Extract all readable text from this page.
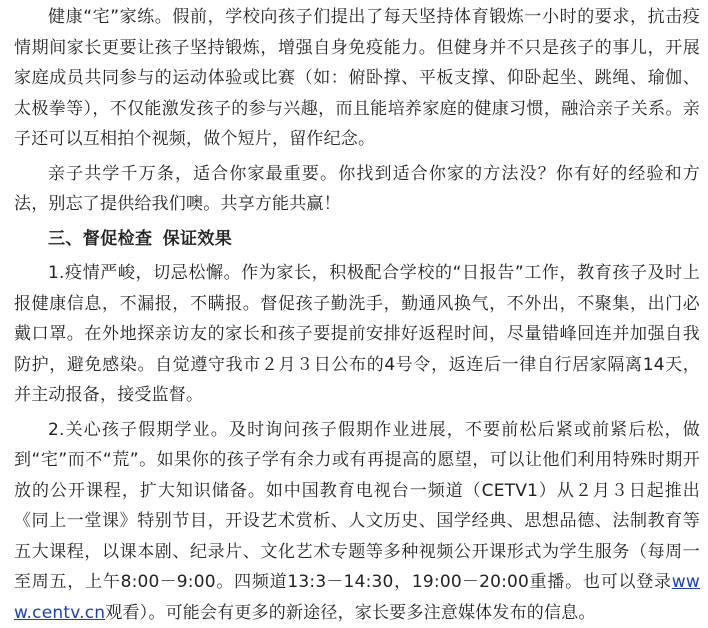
健康“宅”家练。假前，学校向孩子们提出了每天坚持体育锻炼一小时的要求，抗击疫情期间家长更要让孩子坚持锻炼，增强自身免疫能力。但健身并不只是孩子的事儿，开展家庭成员共同参与的运动体验或比赛（如：俯卧撑、平板支撑、仰卧起坐、跳绳、瑜伽、太极拳等），不仅能激发孩子的参与兴趣，而且能培养家庭的健康习惯，融洽亲子关系。亲子还可以互相拍个视频，做个短片，留作纪念。

亲子共学千万条，适合你家最重要。你找到适合你家的方法没？你有好的经验和方法，别忘了提供给我们噢。共享方能共赢！

三、督促检查 保证效果

1.疫情严峻，切忌松懈。作为家长，积极配合学校的“日报告”工作，教育孩子及时上报健康信息，不漏报，不瞒报。督促孩子勤洗手，勤通风换气，不外出，不聚集，出门必戴口罩。在外地探亲访友的家长和孩子要提前安排好返程时间，尽量错峰回连并加强自我防护，避免感染。自觉遵守我市２月３日公布的4号令，返连后一律自行居家隔离14天，并主动报备，接受监督。

2.关心孩子假期学业。及时询问孩子假期作业进展，不要前松后紧或前紧后松，做到“宅”而不“荒”。如果你的孩子学有余力或有再提高的愿望，可以让他们利用特殊时期开放的公开课程，扩大知识储备。如中国教育电视台一频道（CETV1）从２月３日起推出《同上一堂课》特别节目，开设艺术赏析、人文历史、国学经典、思想品德、法制教育等五大课程，以课本剧、纪录片、文化艺术专题等多种视频公开课形式为学生服务（每周一至周五，上午8:00－9:00。四频道13:3－14:30，19:00－20:00重播。也可以登录www.centv.cn观看）。可能会有更多的新途径，家长要多注意媒体发布的信息。
